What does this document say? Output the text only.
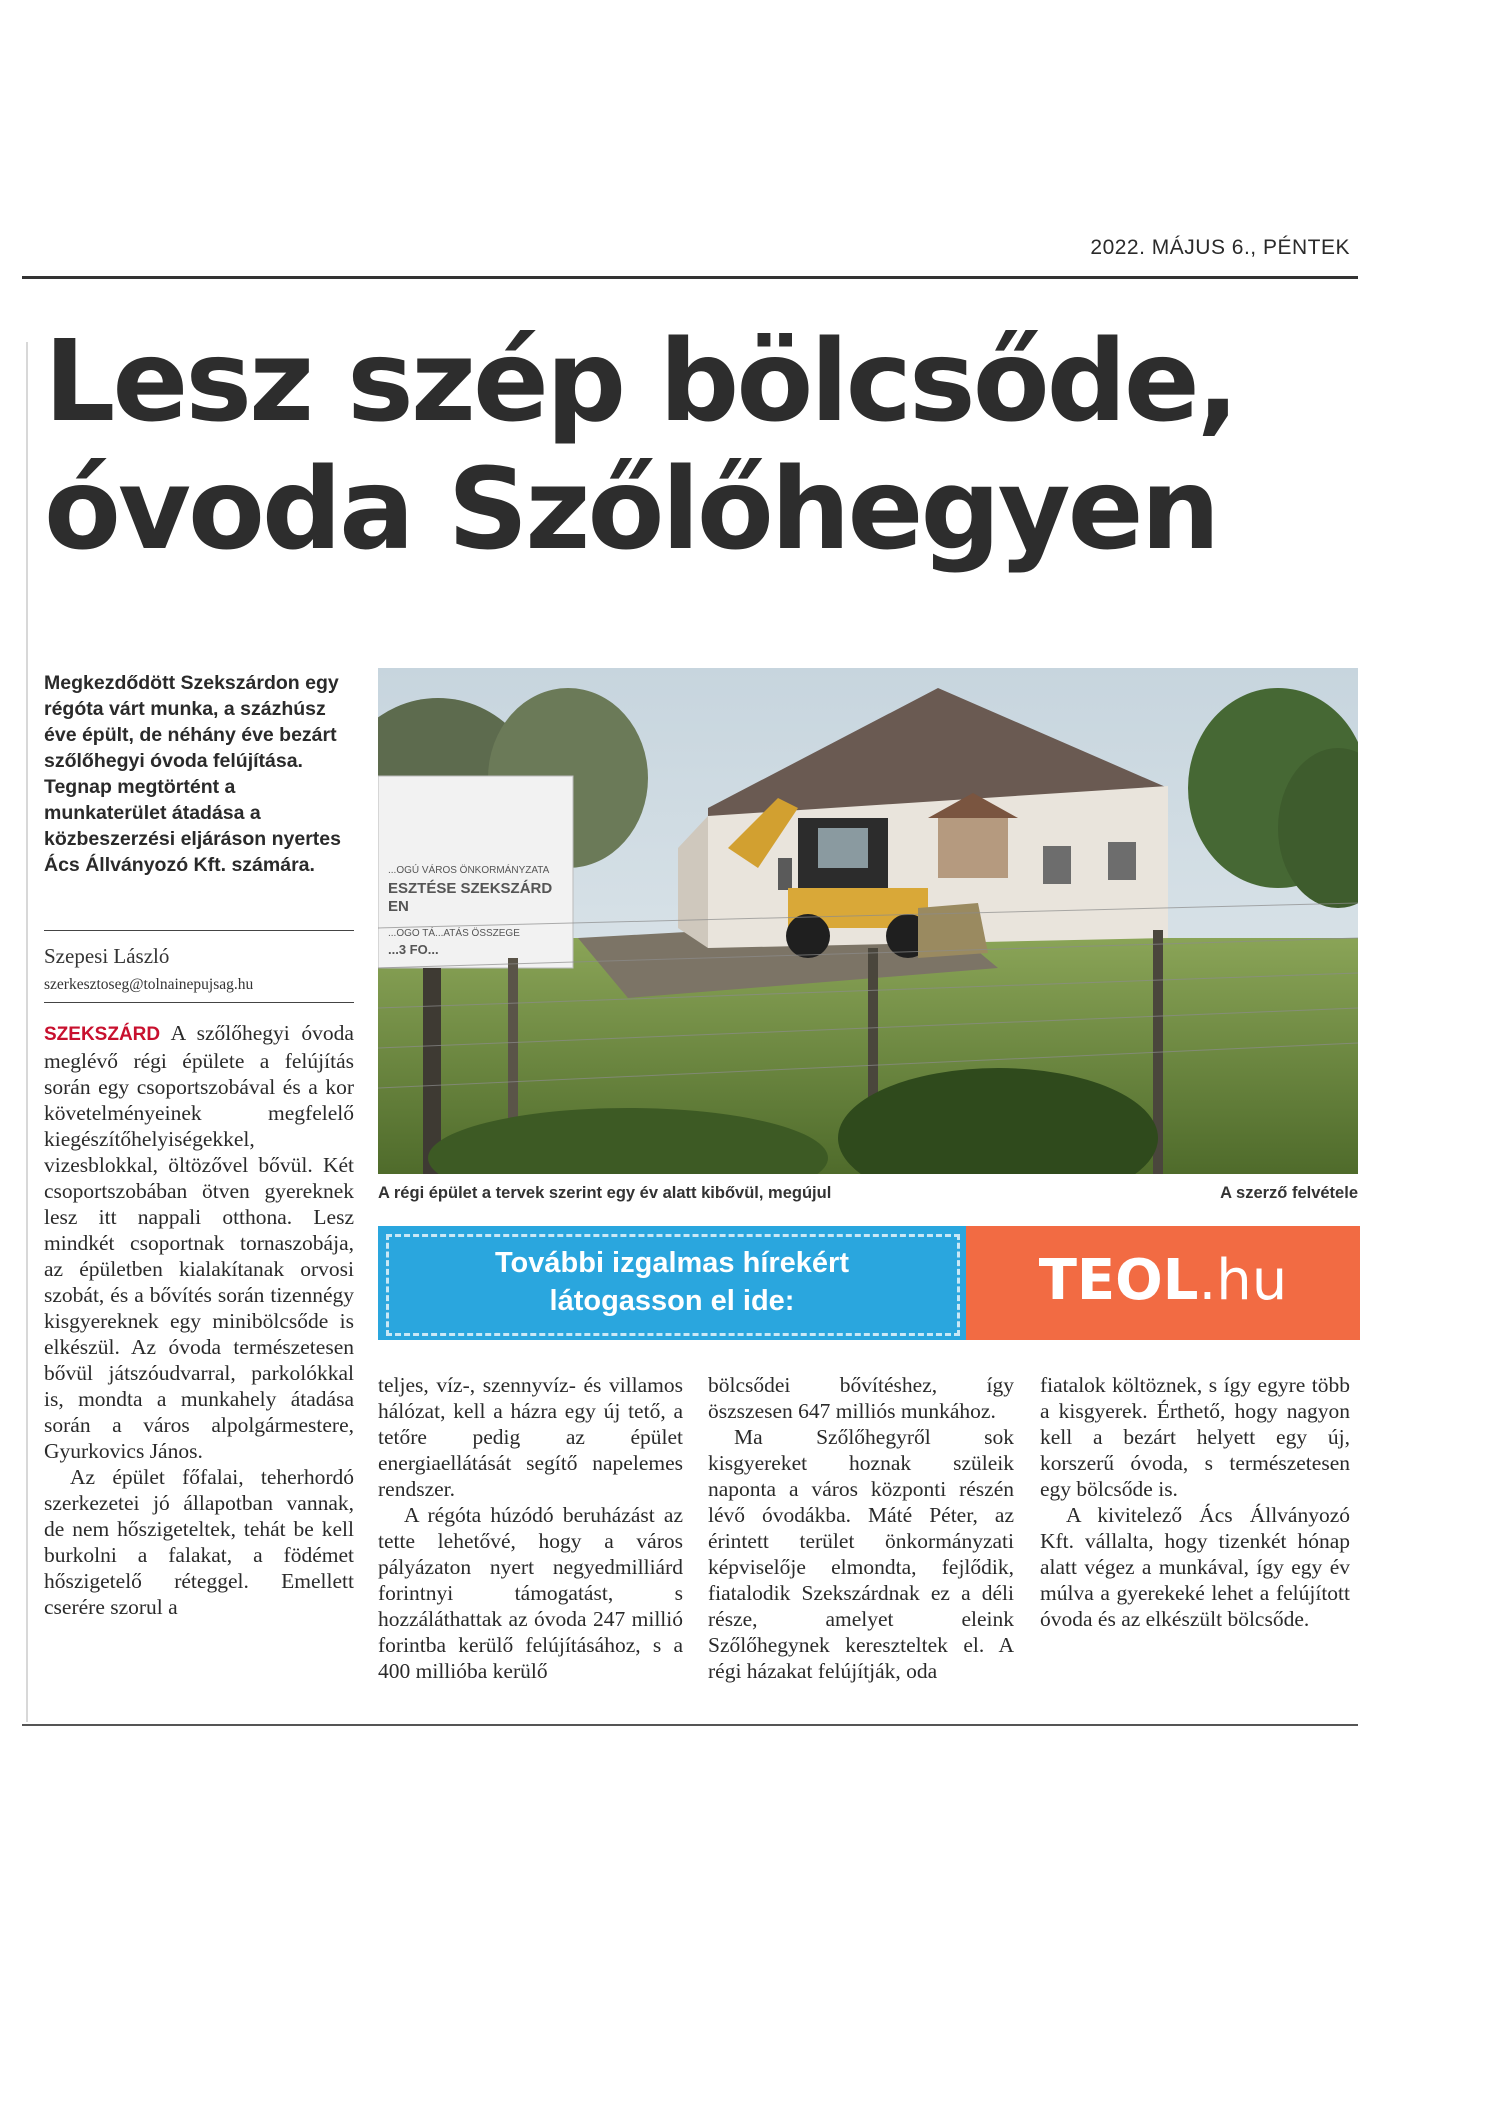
2022. MÁJUS 6., PÉNTEK
Lesz szép bölcsőde,
óvoda Szőlőhegyen

Megkezdődött Szekszárdon egy régóta várt munka, a százhúsz éve épült, de néhány éve bezárt szőlőhegyi óvoda felújítása. Tegnap megtörtént a munkaterület átadása a közbeszerzési eljáráson nyertes Ács Állványozó Kft. számára.

Szepesi László
szerkesztoseg@tolnainepujsag.hu

SZEKSZÁRD A szőlőhegyi óvoda meglévő régi épülete a felújítás során egy csoportszobával és a kor követelményeinek megfelelő kiegészítőhelyiségekkel, vizesblokkal, öltözővel bővül. Két csoportszobában ötven gyereknek lesz itt nappali otthona. Lesz mindkét csoportnak tornaszobája, az épületben kialakítanak orvosi szobát, és a bővítés során tizennégy kisgyereknek egy minibölcsőde is elkészül. Az óvoda természetesen bővül játszóudvarral, parkolókkal is, mondta a munkahely átadása során a város alpolgármestere, Gyurkovics János.

Az épület főfalai, teherhordó szerkezetei jó állapotban vannak, de nem hőszigeteltek, tehát be kell burkolni a falakat, a födémet hőszigetelő réteggel. Emellett cserére szorul a

...OGÚ VÁROS ÖNKORMÁNYZATA
ESZTÉSE SZEKSZÁRD
EN
...OGO TÁ...ATÁS ÖSSZEGE
...3 FO...
A régi épület a tervek szerint egy év alatt kibővül, megújul	A szerző felvétele
További izgalmas hírekért
látogasson el ide:	TEOL.hu

teljes, víz-, szennyvíz- és villamos hálózat, kell a házra egy új tető, a tetőre pedig az épület energiaellátását segítő napelemes rendszer.

A régóta húzódó beruházást az tette lehetővé, hogy a város pályázaton nyert negyedmilliárd forintnyi támogatást, s hozzáláthattak az óvoda 247 millió forintba kerülő felújításához, s a 400 millióba kerülő

bölcsődei bővítéshez, így öszszesen 647 milliós munkához.

Ma Szőlőhegyről sok kisgyereket hoznak szüleik naponta a város központi részén lévő óvodákba. Máté Péter, az érintett terület önkormányzati képviselője elmondta, fejlődik, fiatalodik Szekszárdnak ez a déli része, amelyet eleink Szőlőhegynek kereszteltek el. A régi házakat felújítják, oda

fiatalok költöznek, s így egyre több a kisgyerek. Érthető, hogy nagyon kell a bezárt helyett egy új, korszerű óvoda, s természetesen egy bölcsőde is.

A kivitelező Ács Állványozó Kft. vállalta, hogy tizenkét hónap alatt végez a munkával, így egy év múlva a gyerekeké lehet a felújított óvoda és az elkészült bölcsőde.
